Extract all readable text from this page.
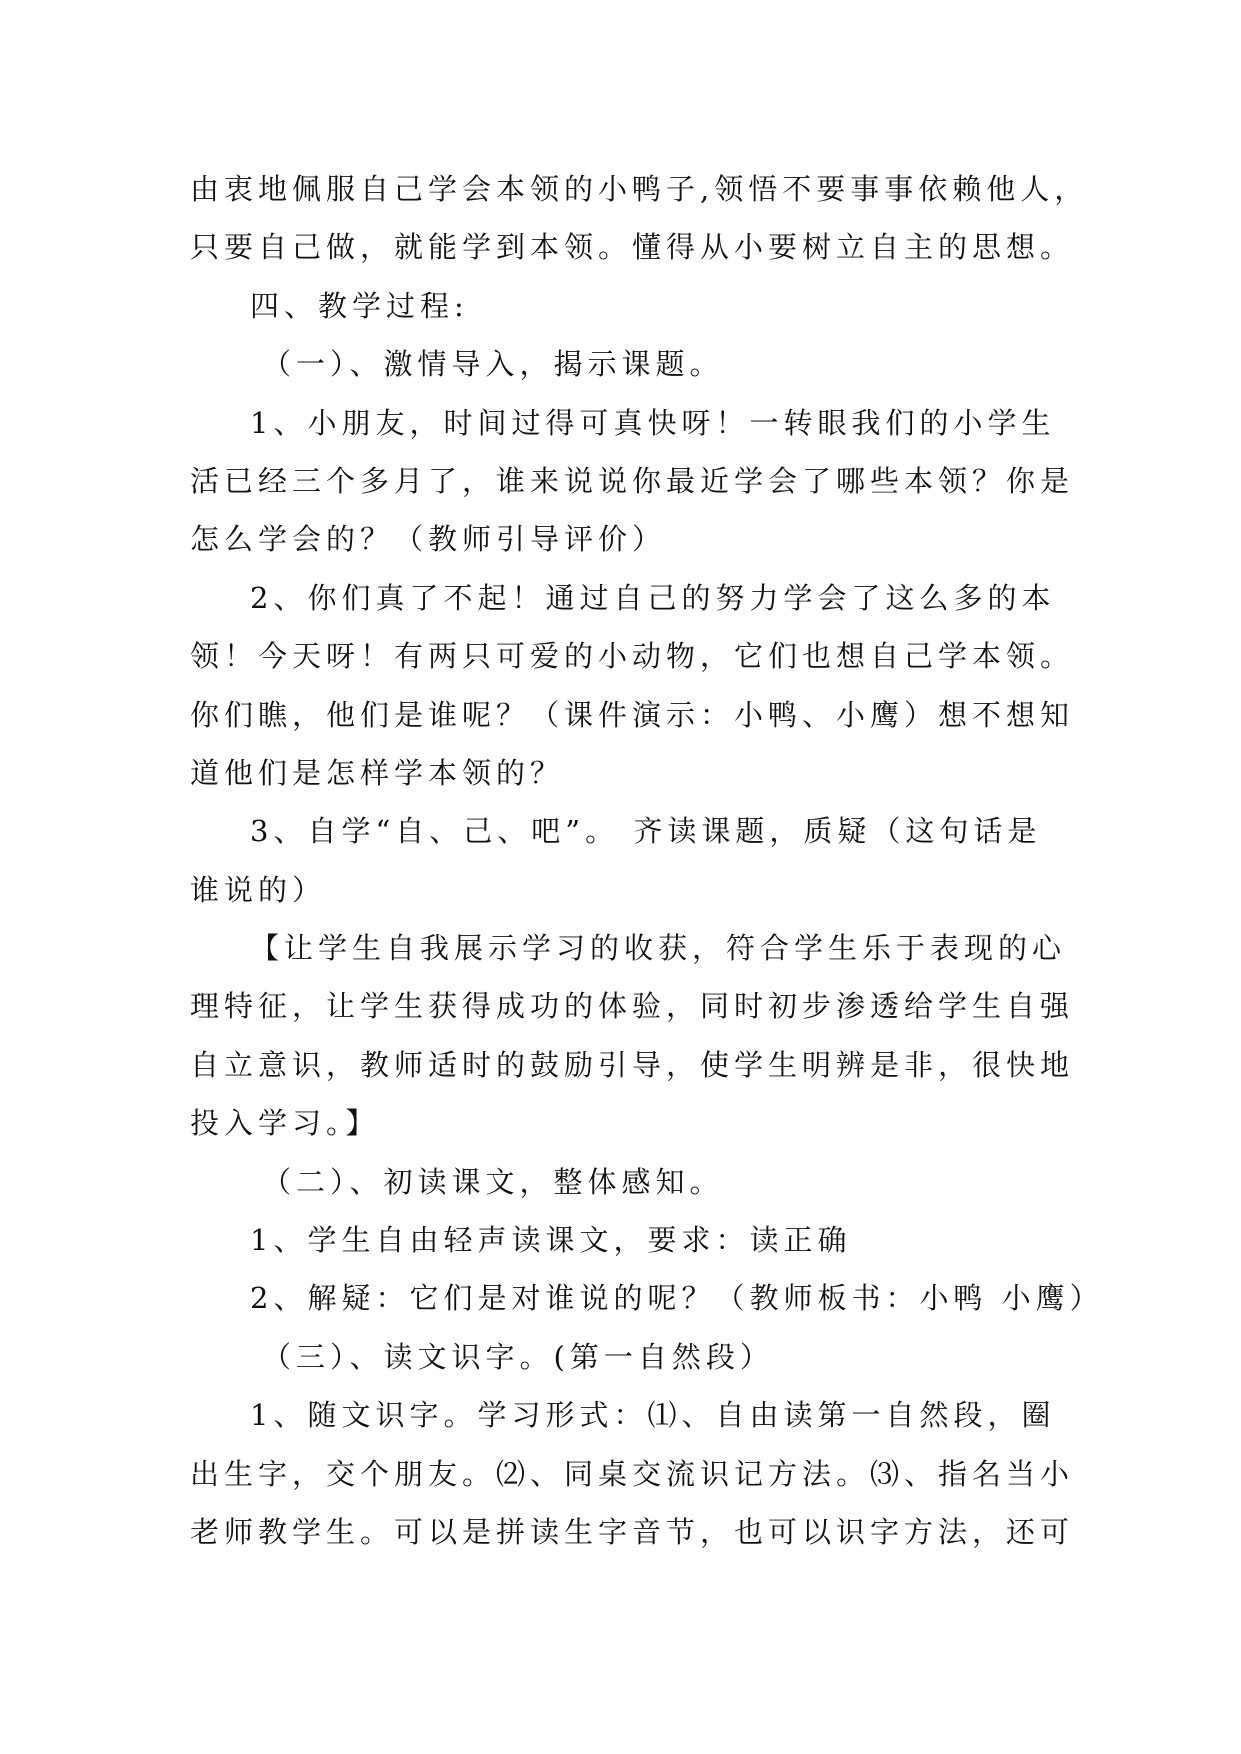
由衷地佩服自己学会本领的小鸭子,领悟不要事事依赖他人，
只要自己做，就能学到本领。懂得从小要树立自主的思想。
四、教学过程:
（一）、激情导入，揭示课题。
1、小朋友，时间过得可真快呀！一转眼我们的小学生
活已经三个多月了，谁来说说你最近学会了哪些本领？你是
怎么学会的？（教师引导评价）
2、你们真了不起！通过自己的努力学会了这么多的本
领！今天呀！有两只可爱的小动物，它们也想自己学本领。
你们瞧，他们是谁呢？（课件演示：小鸭、小鹰）想不想知
道他们是怎样学本领的？
3、自学“自、己、吧”。 齐读课题，质疑（这句话是
谁说的）
【让学生自我展示学习的收获，符合学生乐于表现的心
理特征，让学生获得成功的体验，同时初步渗透给学生自强
自立意识，教师适时的鼓励引导，使学生明辨是非，很快地
投入学习。】
（二）、初读课文，整体感知。
1、学生自由轻声读课文，要求：读正确
2、解疑：它们是对谁说的呢？（教师板书：小鸭 小鹰）
（三）、读文识字。(第一自然段）
1、随文识字。学习形式：⑴、自由读第一自然段，圈
出生字，交个朋友。⑵、同桌交流识记方法。⑶、指名当小
老师教学生。可以是拼读生字音节，也可以识字方法，还可
